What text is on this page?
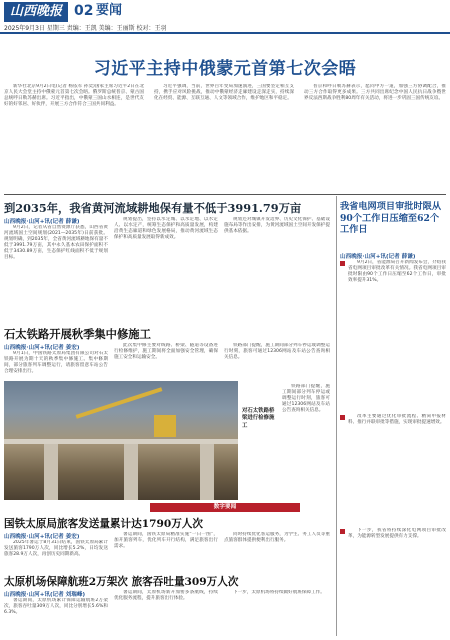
山西晚报 02 要闻
2025年9月3日 星期三 责编：王凯 美编：王丽斯 校对：王羽
习近平主持中俄蒙元首第七次会晤

新华社北京9月2日电(记者 杨依军 孙奕)国家主席习近平2日在北京人民大会堂主持中俄蒙元首第七次会晤。俄罗斯总统普京、蒙古国总统呼日勒苏赫出席。习近平指出，中俄蒙三国山水相连，是世代友好的好邻居、好伙伴，开展三方合作符合三国共同利益。

习近平强调，当前，世界百年变局加速演进，三国要坚定相互支持，携手应对风险挑战，推动中俄蒙经济走廊建设走深走实，持续深化在经贸、能源、互联互通、人文等领域合作，维护地区和平稳定。

普京和呼日勒苏赫表示，愿同中方一道，加强三方协调配合，推动三方合作取得更多成果。三方共同出席纪念中国人民抗日战争暨世界反法西斯战争胜利80周年有关活动，将进一步巩固三国传统友谊。

到2035年，我省黄河流域耕地保有量不低于3991.79万亩
山西晚报·山河+讯(记者 薛谦)

9月2日，记者从省自然资源厅获悉，山西省黄河流域国土空间规划(2021—2035年)日前获批。规划明确，到2035年，全省黄河流域耕地保有量不低于3991.79万亩，其中永久基本农田保护面积不低于3430.89万亩，生态保护红线面积不低于规划目标。

规划提出，坚持以水定城、以水定地、以水定人、以水定产，统筹生态保护和高质量发展，构建沿黄生态廊道和绿色发展格局，推动黄河流域生态保护和高质量发展取得新成效。

规划还对城镇开发边界、历史文化保护、基础设施布局等作出安排，为黄河流域国土空间开发保护提供基本依据。

石太铁路开展秋季集中修施工
山西晚报·山河+讯(记者 姜宏)

9月1日，中国铁路太原局集团有限公司对石太铁路开展为期十天的秋季集中修施工。集中修期间，部分旅客列车调整运行，请旅客留意车站公告合理安排出行。

此次集中修主要对线路、桥梁、隧道等设备进行检修维护，施工期间将全面加强安全管理，确保施工安全和运输安全。

铁路部门提醒，施工期间部分列车停运或调整运行时刻，旅客可通过12306网站及车站公告查询相关信息。

对石太铁路桥梁进行检修施工

铁路部门提醒，施工期间部分列车停运或调整运行时刻，旅客可通过12306网站及车站公告查询相关信息。

数字要闻
国铁太原局旅客发送量累计达1790万人次
山西晚报·山河+讯(记者 姜宏)

2025年暑运于8月31日结束，国铁太原局累计发送旅客1790万人次，同比增长5.2%，日均发送旅客28.9万人次，再创历史同期新高。

暑运期间，国铁太原局精准实施“一日一图”，加开旅客列车，优化列车开行结构，满足旅客出行需求。

同时持续优化客运服务，为学生、务工人员等重点旅客群体提供便利出行服务。

太原机场保障航班2万架次 旅客吞吐量309万人次
山西晚报·山河+讯(记者 刘瑞峰)

暑运期间，太原机场累计保障运输航班2万架次，旅客吞吐量309万人次，同比分别增长5.6%和6.3%。

暑运期间，太原机场新开加密多条航线，持续优化服务流程，提升旅客出行体验。

下一步，太原机场将持续做好航班保障工作。

我省电网项目审批时限从90个工作日压缩至62个工作日
山西晚报·山河+讯(记者 薛谦)

9月2日，省能源局召开新闻发布会，介绍我省电网项目审批改革有关情况。我省电网项目审批时限由90个工作日压缩至62个工作日，审批效率提升31%。

改革主要通过优化审批流程、精简申报材料、推行并联审批等措施，实现审批提速增效。

下一步，我省将持续深化电网项目审批改革，为能源转型发展提供有力支撑。
